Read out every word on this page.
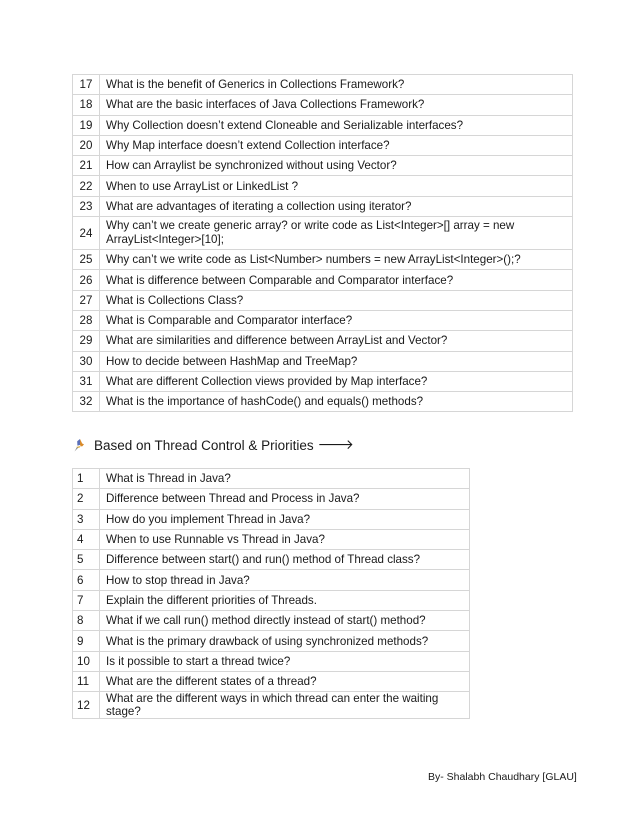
17	What is the benefit of Generics in Collections Framework?
18	What are the basic interfaces of Java Collections Framework?
19	Why Collection doesn’t extend Cloneable and Serializable interfaces?
20	Why Map interface doesn’t extend Collection interface?
21	How can Arraylist be synchronized without using Vector?
22	When to use ArrayList or LinkedList ?
23	What are advantages of iterating a collection using iterator?
24	Why can’t we create generic array? or write code as List<Integer>[] array = new ArrayList<Integer>[10];
25	Why can’t we write code as List<Number> numbers = new ArrayList<Integer>();?
26	What is difference between Comparable and Comparator interface?
27	What is Collections Class?
28	What is Comparable and Comparator interface?
29	What are similarities and difference between ArrayList and Vector?
30	How to decide between HashMap and TreeMap?
31	What are different Collection views provided by Map interface?
32	What is the importance of hashCode() and equals() methods?
Based on Thread Control & Priorities 🡒
1	What is Thread in Java?
2	Difference between Thread and Process in Java?
3	How do you implement Thread in Java?
4	When to use Runnable vs Thread in Java?
5	Difference between start() and run() method of Thread class?
6	How to stop thread in Java?
7	Explain the different priorities of Threads.
8	What if we call run() method directly instead of start() method?
9	What is the primary drawback of using synchronized methods?
10	Is it possible to start a thread twice?
11	What are the different states of a thread?
12	What are the different ways in which thread can enter the waiting stage?
By- Shalabh Chaudhary [GLAU]
